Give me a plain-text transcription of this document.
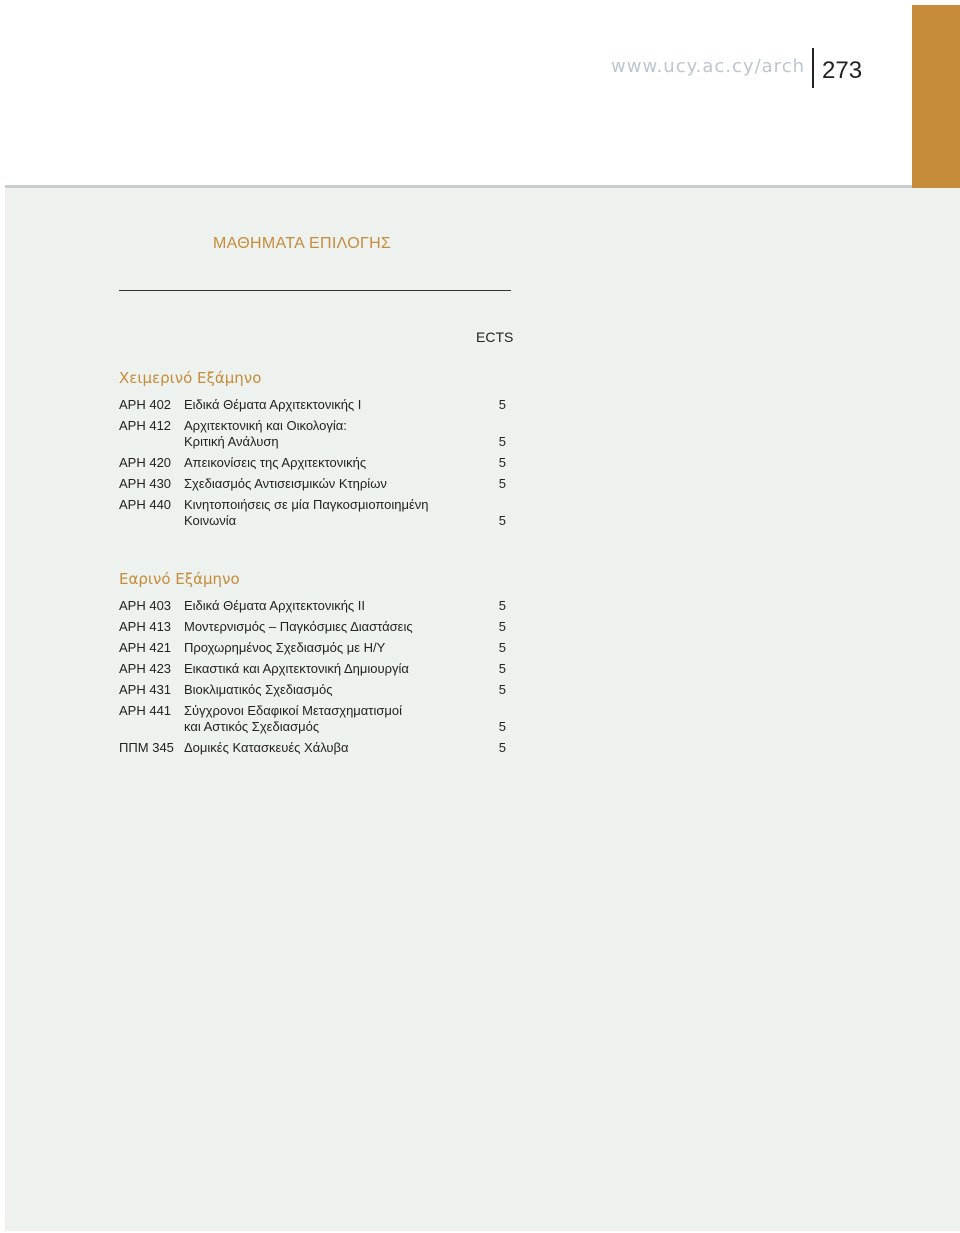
www.ucy.ac.cy/arch 273
ΜΑΘΗΜΑΤΑ ΕΠΙΛΟΓΗΣ
ECTS
Χειμερινό Εξάμηνο
ΑΡΗ 402 Ειδικά Θέματα Αρχιτεκτονικής Ι	5
ΑΡΗ 412 Αρχιτεκτονική και Οικολογία:
Κριτική Ανάλυση	5
ΑΡΗ 420 Απεικονίσεις της Αρχιτεκτονικής	5
ΑΡΗ 430 Σχεδιασμός Αντισεισμικών Κτηρίων	5
ΑΡΗ 440 Κινητοποιήσεις σε μία Παγκοσμιοποιημένη
Κοινωνία	5
Εαρινό Εξάμηνο
ΑΡΗ 403 Ειδικά Θέματα Αρχιτεκτονικής ΙΙ	5
ΑΡΗ 413 Μοντερνισμός – Παγκόσμιες Διαστάσεις	5
ΑΡΗ 421 Προχωρημένος Σχεδιασμός με Η/Υ	5
ΑΡΗ 423 Εικαστικά και Αρχιτεκτονική Δημιουργία	5
ΑΡΗ 431 Βιοκλιματικός Σχεδιασμός	5
ΑΡΗ 441 Σύγχρονοι Εδαφικοί Μετασχηματισμοί
και Αστικός Σχεδιασμός	5
ΠΠΜ 345 Δομικές Κατασκευές Χάλυβα	5
